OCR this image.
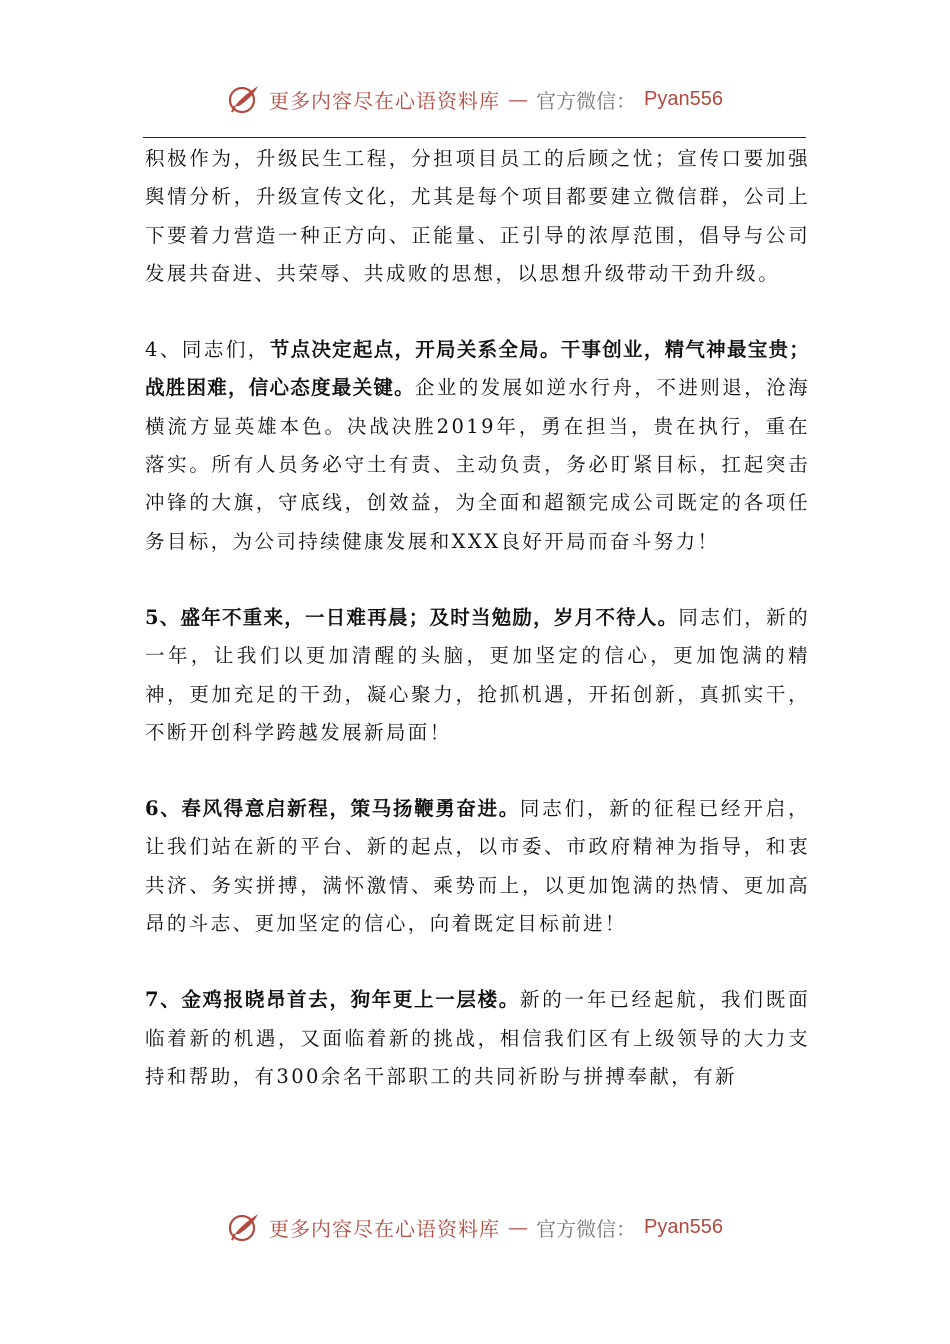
更多内容尽在心语资料库 — 官方微信： Pyan556

积极作为，升级民生工程，分担项目员工的后顾之忧；宣传口要加强舆情分析，升级宣传文化，尤其是每个项目都要建立微信群，公司上下要着力营造一种正方向、正能量、正引导的浓厚范围，倡导与公司发展共奋进、共荣辱、共成败的思想，以思想升级带动干劲升级。

4、同志们，节点决定起点，开局关系全局。干事创业，精气神最宝贵；战胜困难，信心态度最关键。企业的发展如逆水行舟，不进则退，沧海横流方显英雄本色。决战决胜2019年，勇在担当，贵在执行，重在落实。所有人员务必守土有责、主动负责，务必盯紧目标，扛起突击冲锋的大旗，守底线，创效益，为全面和超额完成公司既定的各项任务目标，为公司持续健康发展和XXX良好开局而奋斗努力！

5、盛年不重来，一日难再晨；及时当勉励，岁月不待人。同志们，新的一年，让我们以更加清醒的头脑，更加坚定的信心，更加饱满的精神，更加充足的干劲，凝心聚力，抢抓机遇，开拓创新，真抓实干，不断开创科学跨越发展新局面！

6、春风得意启新程，策马扬鞭勇奋进。同志们，新的征程已经开启，让我们站在新的平台、新的起点，以市委、市政府精神为指导，和衷共济、务实拼搏，满怀激情、乘势而上，以更加饱满的热情、更加高昂的斗志、更加坚定的信心，向着既定目标前进！

7、金鸡报晓昂首去，狗年更上一层楼。新的一年已经起航，我们既面临着新的机遇，又面临着新的挑战，相信我们区有上级领导的大力支持和帮助，有300余名干部职工的共同祈盼与拼搏奉献，有新

更多内容尽在心语资料库 — 官方微信： Pyan556
